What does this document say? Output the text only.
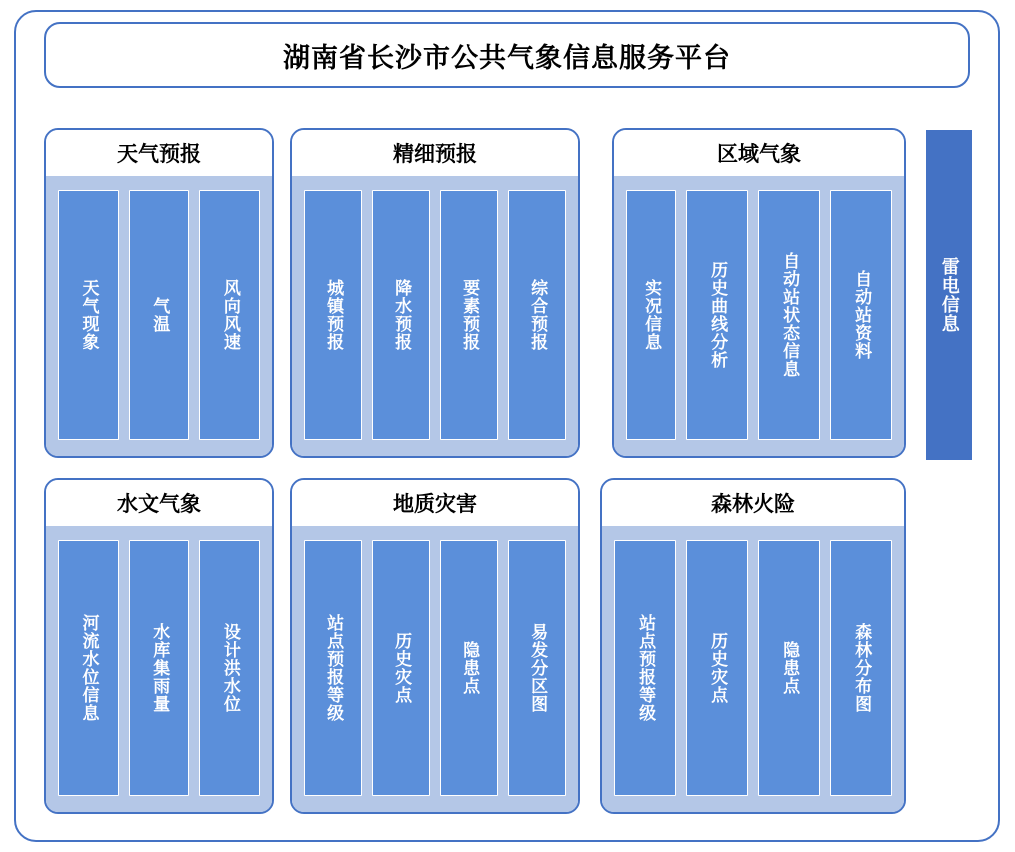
湖南省长沙市公共气象信息服务平台
天气预报
天气现象	气温	风向风速
精细预报
城镇预报	降水预报	要素预报	综合预报
区域气象
实况信息	历史曲线分析	自动站状态信息	自动站资料
水文气象
河流水位信息	水库集雨量	设计洪水位
地质灾害
站点预报等级	历史灾点	隐患点	易发分区图
森林火险
站点预报等级	历史灾点	隐患点	森林分布图
雷电信息
